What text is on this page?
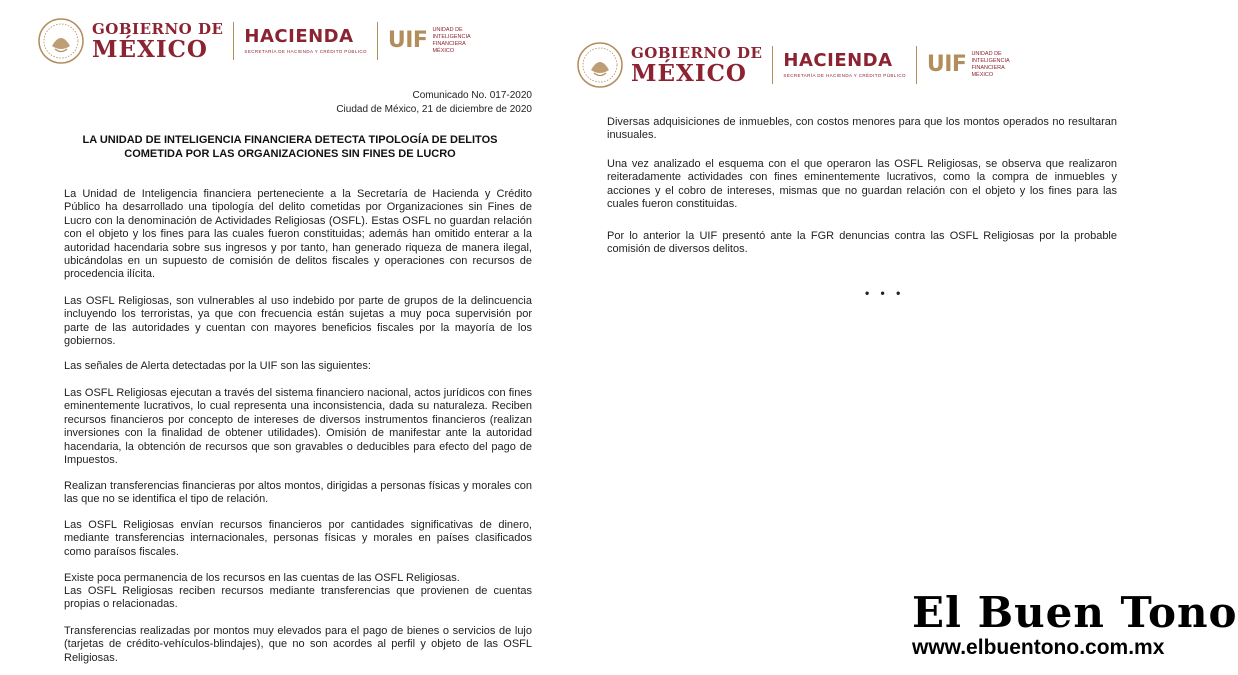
GOBIERNO DE
MÉXICO	HACIENDA
SECRETARÍA DE HACIENDA Y CRÉDITO PÚBLICO UIF UNIDAD DE
INTELIGENCIA
FINANCIERA
MÉXICO
Comunicado No. 017-2020
Ciudad de México, 21 de diciembre de 2020
LA UNIDAD DE INTELIGENCIA FINANCIERA DETECTA TIPOLOGÍA DE DELITOS
COMETIDA POR LAS ORGANIZACIONES SIN FINES DE LUCRO

La Unidad de Inteligencia financiera perteneciente a la Secretaría de Hacienda y Crédito Público ha desarrollado una tipología del delito cometidas por Organizaciones sin Fines de Lucro con la denominación de Actividades Religiosas (OSFL). Estas OSFL no guardan relación con el objeto y los fines para las cuales fueron constituidas; además han omitido enterar a la autoridad hacendaria sobre sus ingresos y por tanto, han generado riqueza de manera ilegal, ubicándolas en un supuesto de comisión de delitos fiscales y operaciones con recursos de procedencia ilícita.

Las OSFL Religiosas, son vulnerables al uso indebido por parte de grupos de la delincuencia incluyendo los terroristas, ya que con frecuencia están sujetas a muy poca supervisión por parte de las autoridades y cuentan con mayores beneficios fiscales por la mayoría de los gobiernos.

Las señales de Alerta detectadas por la UIF son las siguientes:

Las OSFL Religiosas ejecutan a través del sistema financiero nacional, actos jurídicos con fines eminentemente lucrativos, lo cual representa una inconsistencia, dada su naturaleza. Reciben recursos financieros por concepto de intereses de diversos instrumentos financieros (realizan inversiones con la finalidad de obtener utilidades). Omisión de manifestar ante la autoridad hacendaria, la obtención de recursos que son gravables o deducibles para efecto del pago de Impuestos.

Realizan transferencias financieras por altos montos, dirigidas a personas físicas y morales con las que no se identifica el tipo de relación.

Las OSFL Religiosas envían recursos financieros por cantidades significativas de dinero, mediante transferencias internacionales, personas físicas y morales en países clasificados como paraísos fiscales.

Existe poca permanencia de los recursos en las cuentas de las OSFL Religiosas.

Las OSFL Religiosas reciben recursos mediante transferencias que provienen de cuentas propias o relacionadas.

Transferencias realizadas por montos muy elevados para el pago de bienes o servicios de lujo (tarjetas de crédito-vehículos-blindajes), que no son acordes al perfil y objeto de las OSFL Religiosas.

GOBIERNO DE
MÉXICO	HACIENDA
SECRETARÍA DE HACIENDA Y CRÉDITO PÚBLICO UIF UNIDAD DE
INTELIGENCIA
FINANCIERA
MÉXICO

Diversas adquisiciones de inmuebles, con costos menores para que los montos operados no resultaran inusuales.

Una vez analizado el esquema con el que operaron las OSFL Religiosas, se observa que realizaron reiteradamente actividades con fines eminentemente lucrativos, como la compra de inmuebles y acciones y el cobro de intereses, mismas que no guardan relación con el objeto y los fines para las cuales fueron constituidas.

Por lo anterior la UIF presentó ante la FGR denuncias contra las OSFL Religiosas por la probable comisión de diversos delitos.

• • •
El Buen Tono
www.elbuentono.com.mx
